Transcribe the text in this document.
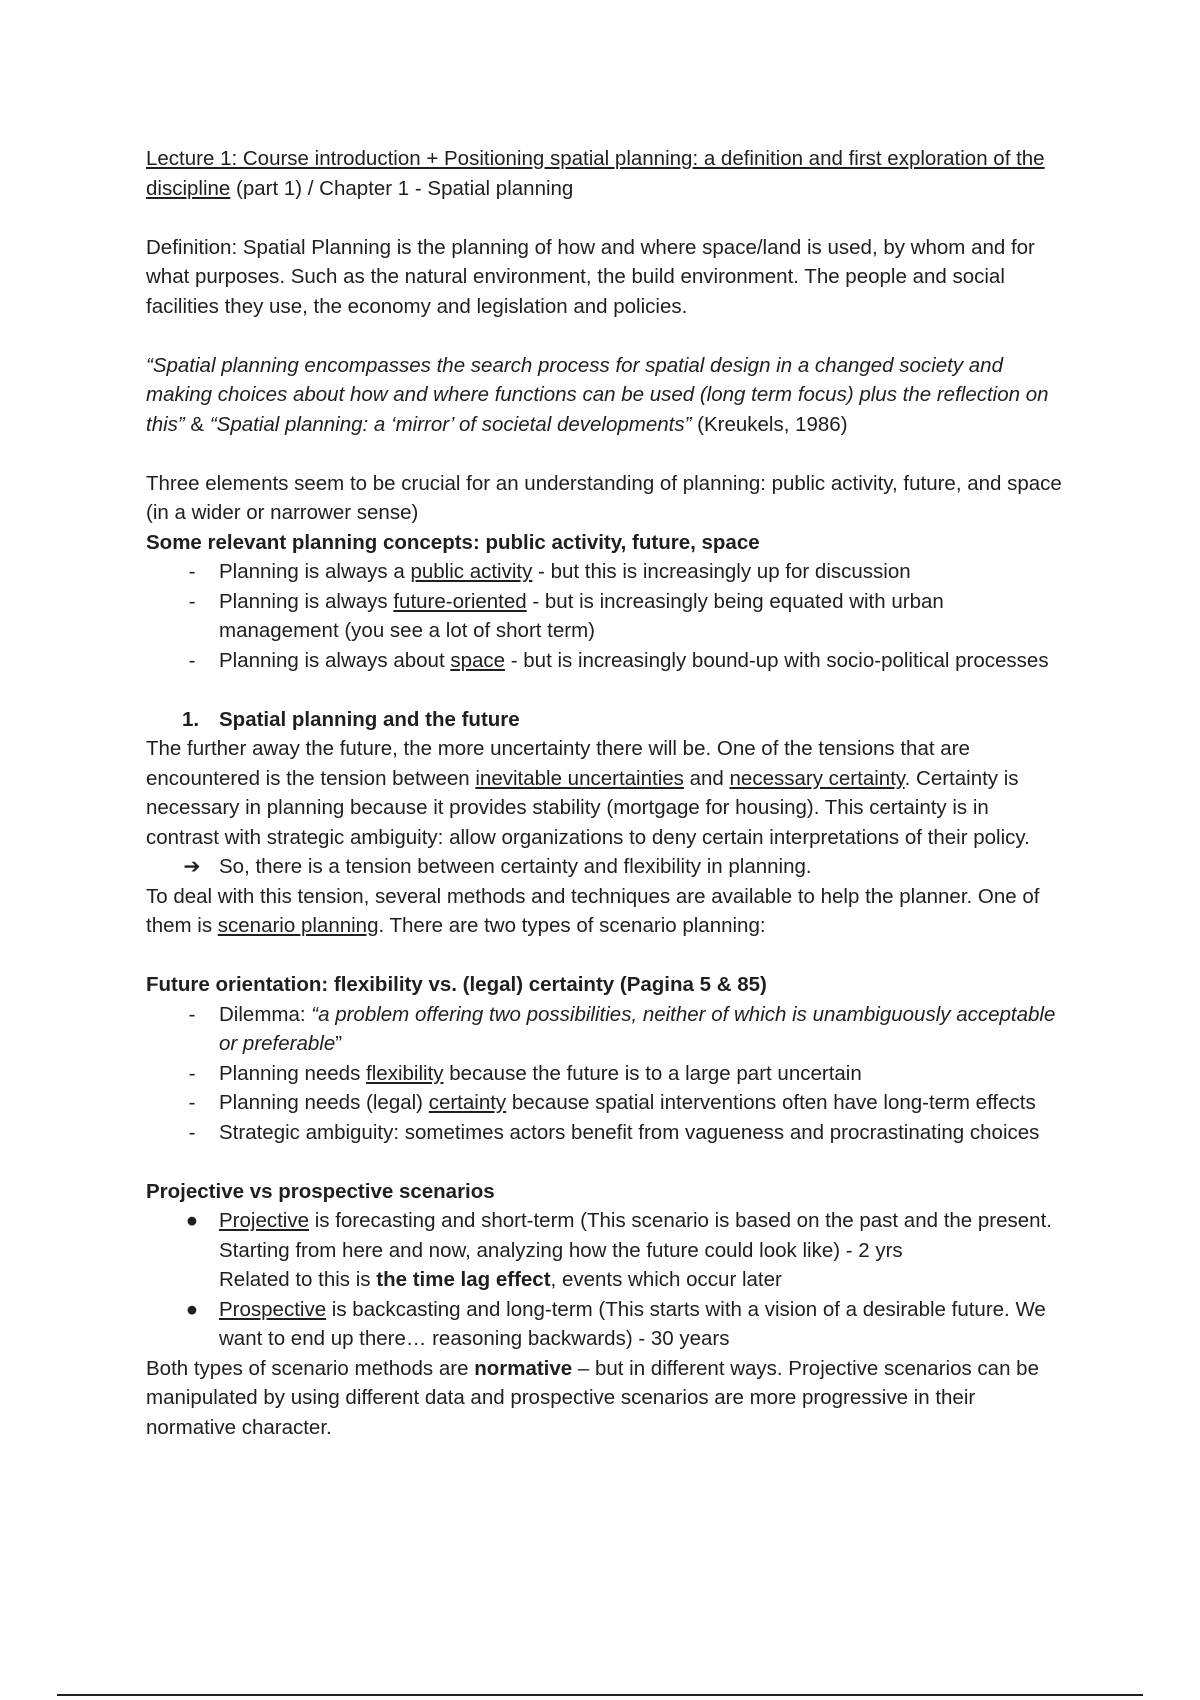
Lecture 1: Course introduction + Positioning spatial planning: a definition and first exploration of the discipline (part 1) / Chapter 1 - Spatial planning

Definition: Spatial Planning is the planning of how and where space/land is used, by whom and for what purposes. Such as the natural environment, the build environment. The people and social facilities they use, the economy and legislation and policies.

“Spatial planning encompasses the search process for spatial design in a changed society and making choices about how and where functions can be used (long term focus) plus the reflection on this” & “Spatial planning: a ‘mirror’ of societal developments” (Kreukels, 1986)

Three elements seem to be crucial for an understanding of planning: public activity, future, and space (in a wider or narrower sense)

Some relevant planning concepts: public activity, future, space

-	Planning is always a public activity - but this is increasingly up for discussion
-	Planning is always future-oriented - but is increasingly being equated with urban management (you see a lot of short term)
-	Planning is always about space - but is increasingly bound-up with socio-political processes
1. Spatial planning and the future

The further away the future, the more uncertainty there will be. One of the tensions that are encountered is the tension between inevitable uncertainties and necessary certainty. Certainty is necessary in planning because it provides stability (mortgage for housing). This certainty is in contrast with strategic ambiguity: allow organizations to deny certain interpretations of their policy.

➔ So, there is a tension between certainty and flexibility in planning.

To deal with this tension, several methods and techniques are available to help the planner. One of them is scenario planning. There are two types of scenario planning:

Future orientation: flexibility vs. (legal) certainty (Pagina 5 & 85)

-	Dilemma: “a problem offering two possibilities, neither of which is unambiguously acceptable or preferable”
-	Planning needs flexibility because the future is to a large part uncertain
-	Planning needs (legal) certainty because spatial interventions often have long-term effects
-	Strategic ambiguity: sometimes actors benefit from vagueness and procrastinating choices

Projective vs prospective scenarios

● Projective is forecasting and short-term (This scenario is based on the past and the present. Starting from here and now, analyzing how the future could look like) - 2 yrs
Related to this is the time lag effect, events which occur later
● Prospective is backcasting and long-term (This starts with a vision of a desirable future. We want to end up there… reasoning backwards) - 30 years

Both types of scenario methods are normative – but in different ways. Projective scenarios can be manipulated by using different data and prospective scenarios are more progressive in their normative character.
